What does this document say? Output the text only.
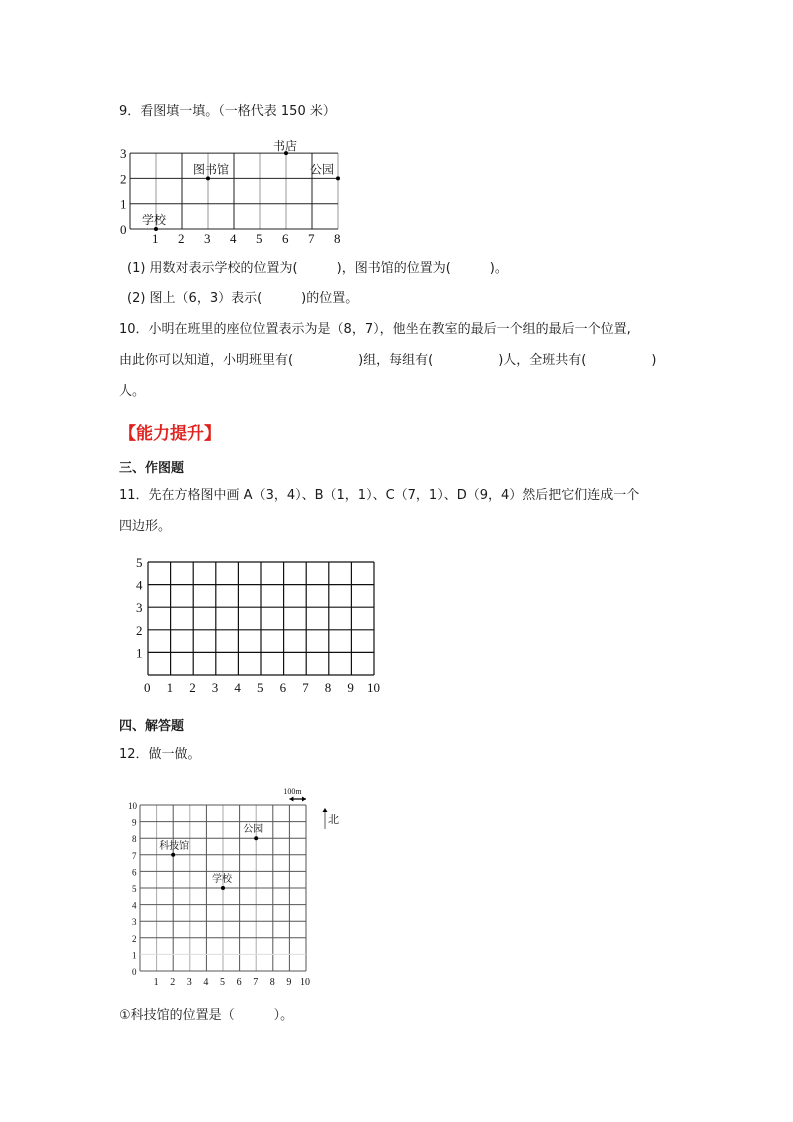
9．看图填一填。（一格代表 150 米）
0
1
2
3
1 2 3 4 5 6 7 8
学校
图书馆
书店
公园
(1) 用数对表示学校的位置为(　　　)，图书馆的位置为(　　　)。
(2) 图上（6，3）表示(　　　)的位置。
10．小明在班里的座位位置表示为是（8，7），他坐在教室的最后一个组的最后一个位置,
由此你可以知道，小明班里有(　　　　　)组，每组有(　　　　　)人，全班共有(　　　　　)
人。
【能力提升】
三、作图题
11．先在方格图中画 A（3，4）、B（1，1）、C（7，1）、D（9，4）然后把它们连成一个
四边形。
0 1 2 3 4 5 6 7 8 9 10
1
2
3
4
5
四、解答题
12．做一做。
1 2 3 4 5 6 7 8 9 10
0
1
2
3
4
5
6
7
8
9
10
科技馆
公园
学校
100m
北
①科技馆的位置是（　　　）。
